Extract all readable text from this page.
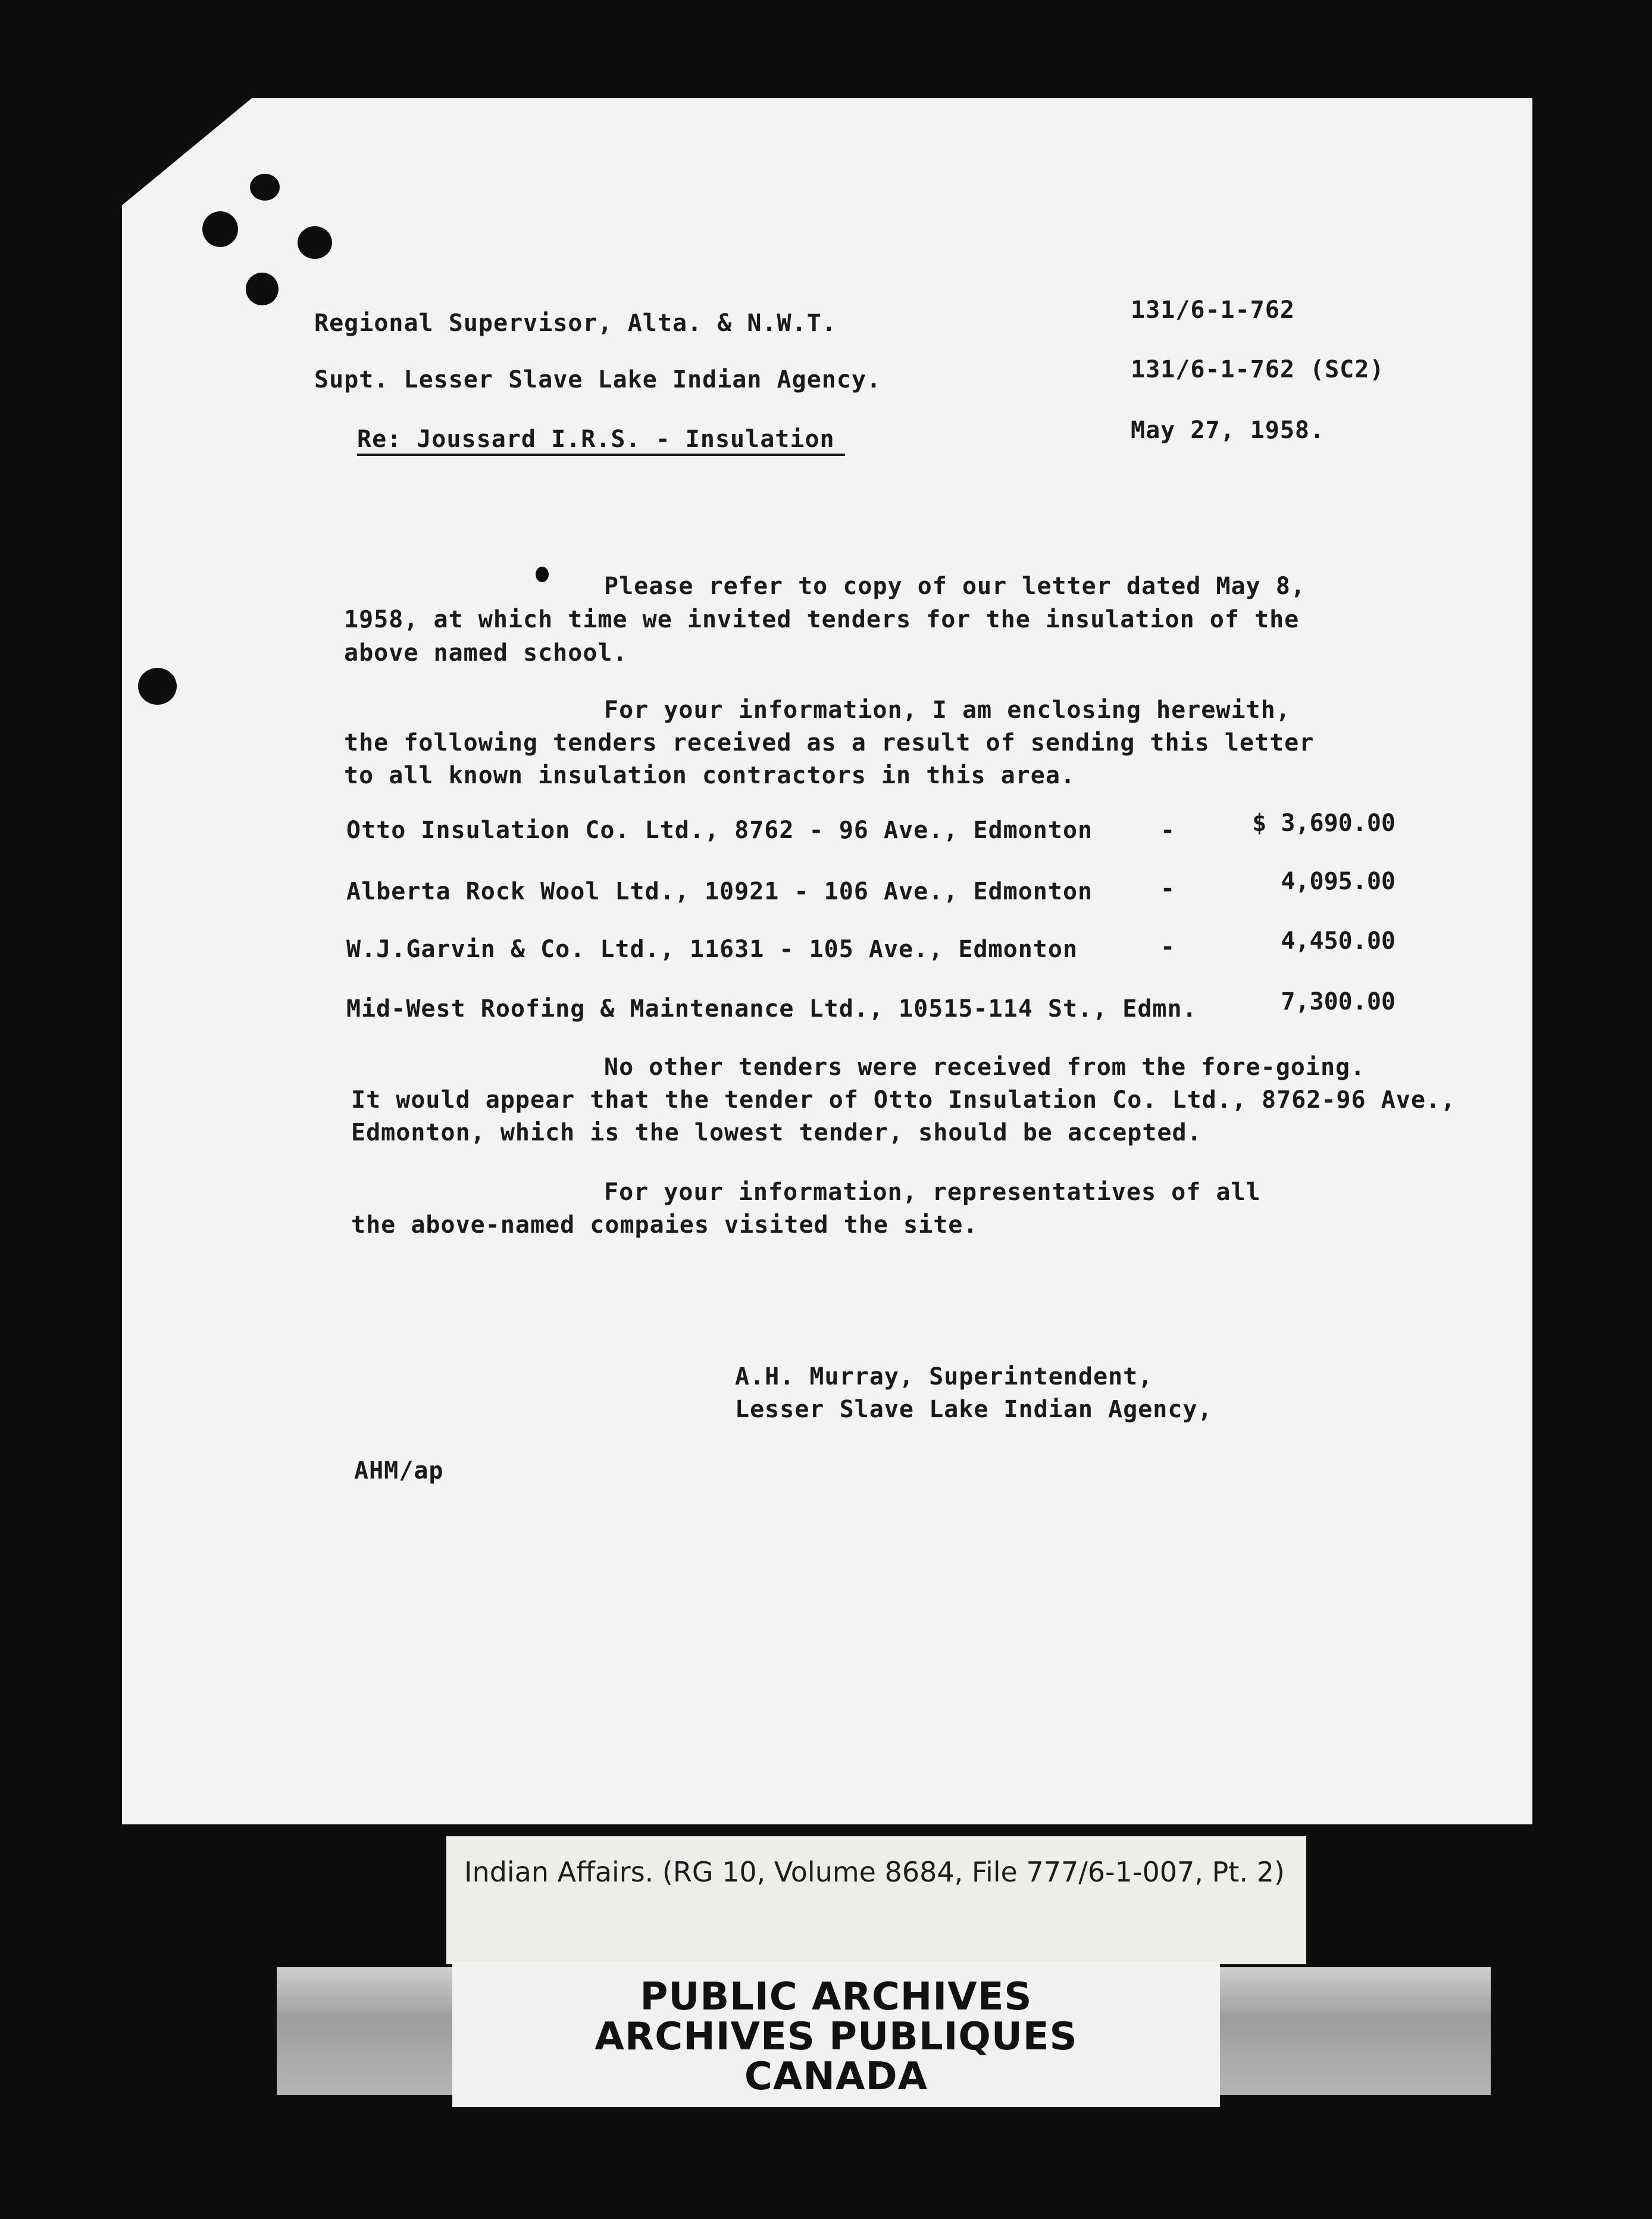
Regional Supervisor, Alta. & N.W.T.
Supt. Lesser Slave Lake Indian Agency.
Re: Joussard I.R.S. - Insulation
131/6-1-762
131/6-1-762 (SC2)
May 27, 1958.
Please refer to copy of our letter dated May 8,
1958, at which time we invited tenders for the insulation of the
above named school.
For your information, I am enclosing herewith,
the following tenders received as a result of sending this letter
to all known insulation contractors in this area.
Otto Insulation Co. Ltd., 8762 - 96 Ave., Edmonton	-	$ 3,690.00
Alberta Rock Wool Ltd., 10921 - 106 Ave., Edmonton	-	4,095.00
W.J.Garvin & Co. Ltd., 11631 - 105 Ave., Edmonton	-	4,450.00
Mid-West Roofing & Maintenance Ltd., 10515-114 St., Edmn.	7,300.00
No other tenders were received from the fore-going.
It would appear that the tender of Otto Insulation Co. Ltd., 8762-96 Ave.,
Edmonton, which is the lowest tender, should be accepted.
For your information, representatives of all
the above-named compaies visited the site.
A.H. Murray, Superintendent,
Lesser Slave Lake Indian Agency,
AHM/ap
Indian Affairs. (RG 10, Volume 8684, File 777/6-1-007, Pt. 2)
PUBLIC ARCHIVES
ARCHIVES PUBLIQUES
CANADA
